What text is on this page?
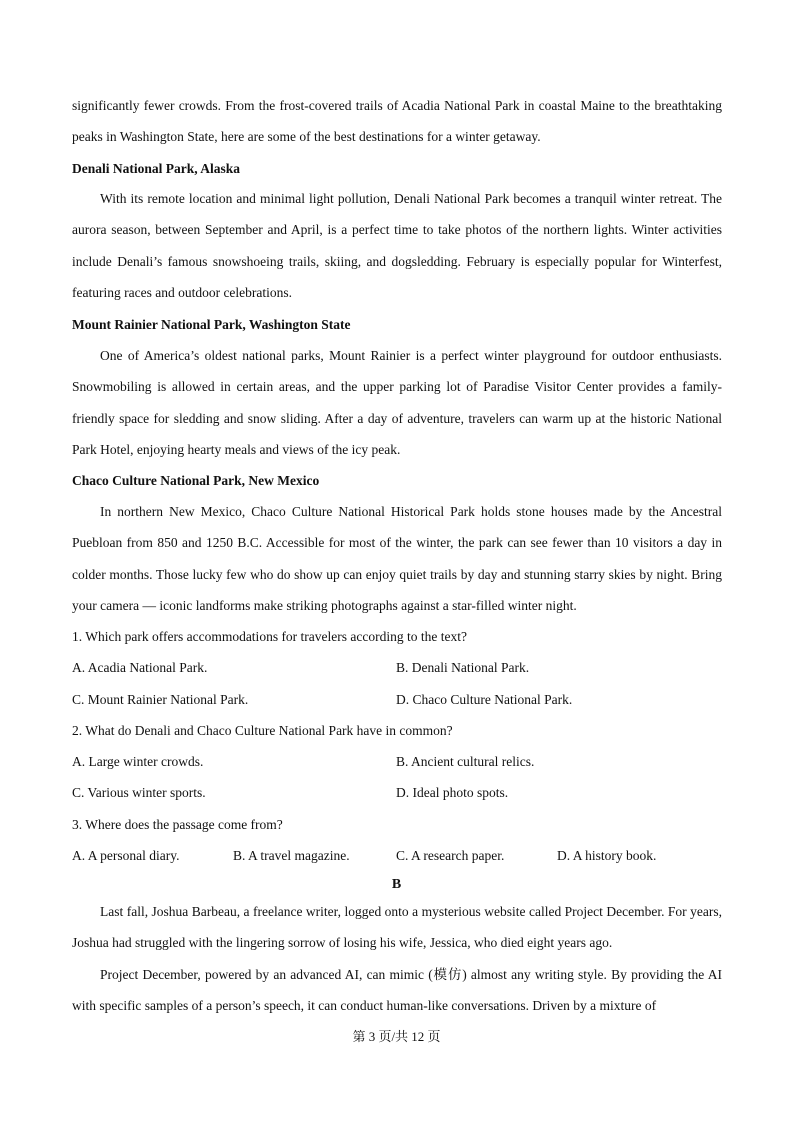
significantly fewer crowds. From the frost-covered trails of Acadia National Park in coastal Maine to the breathtaking peaks in Washington State, here are some of the best destinations for a winter getaway.

Denali National Park, Alaska

With its remote location and minimal light pollution, Denali National Park becomes a tranquil winter retreat. The aurora season, between September and April, is a perfect time to take photos of the northern lights. Winter activities include Denali’s famous snowshoeing trails, skiing, and dogsledding. February is especially popular for Winterfest, featuring races and outdoor celebrations.

Mount Rainier National Park, Washington State

One of America’s oldest national parks, Mount Rainier is a perfect winter playground for outdoor enthusiasts. Snowmobiling is allowed in certain areas, and the upper parking lot of Paradise Visitor Center provides a family-friendly space for sledding and snow sliding. After a day of adventure, travelers can warm up at the historic National Park Hotel, enjoying hearty meals and views of the icy peak.

Chaco Culture National Park, New Mexico

In northern New Mexico, Chaco Culture National Historical Park holds stone houses made by the Ancestral Puebloan from 850 and 1250 B.C. Accessible for most of the winter, the park can see fewer than 10 visitors a day in colder months. Those lucky few who do show up can enjoy quiet trails by day and stunning starry skies by night. Bring your camera — iconic landforms make striking photographs against a star-filled winter night.

1. Which park offers accommodations for travelers according to the text?

A. Acadia National Park.	B. Denali National Park.
C. Mount Rainier National Park.	D. Chaco Culture National Park.

2. What do Denali and Chaco Culture National Park have in common?

A. Large winter crowds.	B. Ancient cultural relics.
C. Various winter sports.	D. Ideal photo spots.

3. Where does the passage come from?

A. A personal diary.	B. A travel magazine.	C. A research paper.	D. A history book.
B

Last fall, Joshua Barbeau, a freelance writer, logged onto a mysterious website called Project December. For years, Joshua had struggled with the lingering sorrow of losing his wife, Jessica, who died eight years ago.

Project December, powered by an advanced AI, can mimic (模仿) almost any writing style. By providing the AI with specific samples of a person’s speech, it can conduct human-like conversations. Driven by a mixture of

第 3 页/共 12 页
